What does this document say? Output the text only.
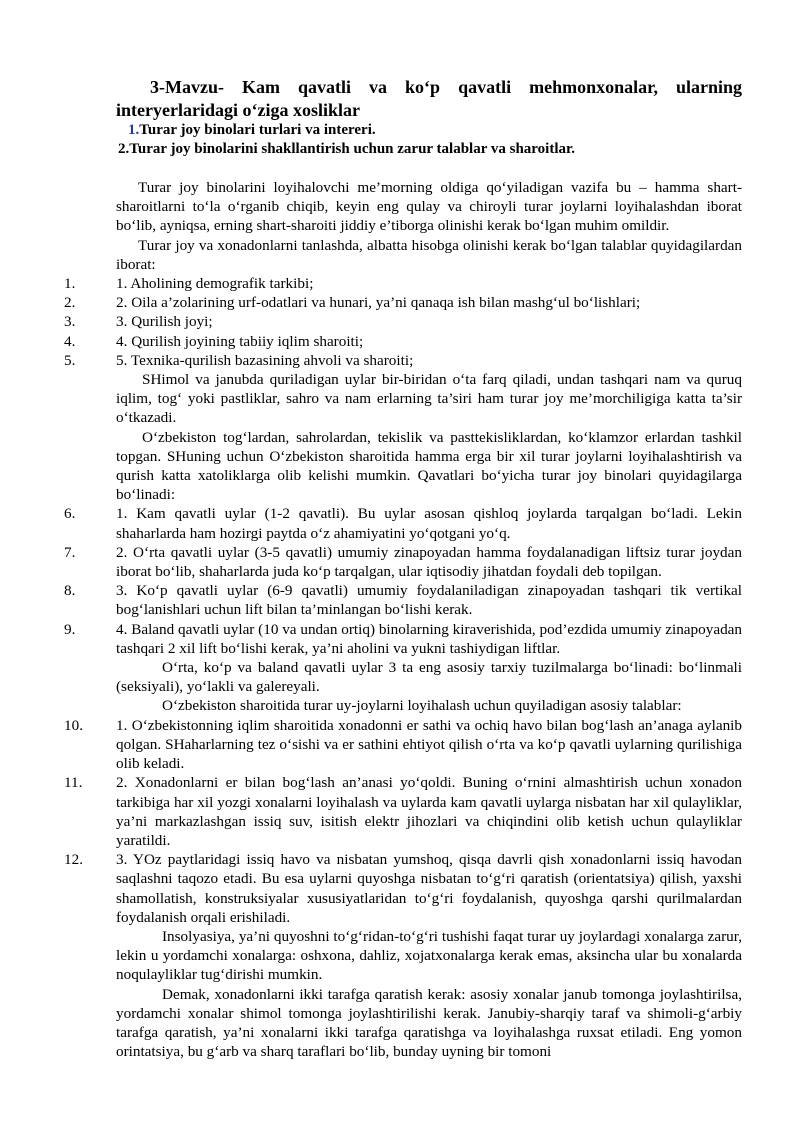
3-Mavzu- Kam qavatli va ko‘p qavatli mehmonxonalar, ularning
interyerlaridagi o‘ziga xosliklar
1.Turar joy binolari turlari va intereri.
2.Turar joy binolarini shakllantirish uchun zarur talablar va sharoitlar.

Turar joy binolarini loyihalovchi me’morning oldiga qo‘yiladigan vazifa bu – hamma shart-sharoitlarni to‘la o‘rganib chiqib, keyin eng qulay va chiroyli turar joylarni loyihalashdan iborat bo‘lib, ayniqsa, erning shart-sharoiti jiddiy e’tiborga olinishi kerak bo‘lgan muhim omildir.

Turar joy va xonadonlarni tanlashda, albatta hisobga olinishi kerak bo‘lgan talablar quyidagilardan iborat:

1.	1. Aholining demografik tarkibi;

2.	2. Oila a’zolarining urf-odatlari va hunari, ya’ni qanaqa ish bilan mashg‘ul bo‘lishlari;

3.	3. Qurilish joyi;

4.	4. Qurilish joyining tabiiy iqlim sharoiti;

5.	5. Texnika-qurilish bazasining ahvoli va sharoiti;

SHimol va janubda quriladigan uylar bir-biridan o‘ta farq qiladi, undan tashqari nam va quruq iqlim, tog‘ yoki pastliklar, sahro va nam erlarning ta’siri ham turar joy me’morchiligiga katta ta’sir o‘tkazadi.

O‘zbekiston tog‘lardan, sahrolardan, tekislik va pasttekisliklardan, ko‘klamzor erlardan tashkil topgan. SHuning uchun O‘zbekiston sharoitida hamma erga bir xil turar joylarni loyihalashtirish va qurish katta xatoliklarga olib kelishi mumkin. Qavatlari bo‘yicha turar joy binolari quyidagilarga bo‘linadi:

6.	1. Kam qavatli uylar (1-2 qavatli). Bu uylar asosan qishloq joylarda tarqalgan bo‘ladi. Lekin shaharlarda ham hozirgi paytda o‘z ahamiyatini yo‘qotgani yo‘q.

7.	2. O‘rta qavatli uylar (3-5 qavatli) umumiy zinapoyadan hamma foydalanadigan liftsiz turar joydan iborat bo‘lib, shaharlarda juda ko‘p tarqalgan, ular iqtisodiy jihatdan foydali deb topilgan.

8.	3. Ko‘p qavatli uylar (6-9 qavatli) umumiy foydalaniladigan zinapoyadan tashqari tik vertikal bog‘lanishlari uchun lift bilan ta’minlangan bo‘lishi kerak.

9.	4. Baland qavatli uylar (10 va undan ortiq) binolarning kiraverishida, pod’ezdida umumiy zinapoyadan tashqari 2 xil lift bo‘lishi kerak, ya’ni aholini va yukni tashiydigan liftlar.

O‘rta, ko‘p va baland qavatli uylar 3 ta eng asosiy tarxiy tuzilmalarga bo‘linadi: bo‘linmali (seksiyali), yo‘lakli va galereyali.

O‘zbekiston sharoitida turar uy-joylarni loyihalash uchun quyiladigan asosiy talablar:

10.	1. O‘zbekistonning iqlim sharoitida xonadonni er sathi va ochiq havo bilan bog‘lash an’anaga aylanib qolgan. SHaharlarning tez o‘sishi va er sathini ehtiyot qilish o‘rta va ko‘p qavatli uylarning qurilishiga olib keladi.

11.	2. Xonadonlarni er bilan bog‘lash an’anasi yo‘qoldi. Buning o‘rnini almashtirish uchun xonadon tarkibiga har xil yozgi xonalarni loyihalash va uylarda kam qavatli uylarga nisbatan har xil qulayliklar, ya’ni markazlashgan issiq suv, isitish elektr jihozlari va chiqindini olib ketish uchun qulayliklar yaratildi.

12.	3. YOz paytlaridagi issiq havo va nisbatan yumshoq, qisqa davrli qish xonadonlarni issiq havodan saqlashni taqozo etadi. Bu esa uylarni quyoshga nisbatan to‘g‘ri qaratish (orientatsiya) qilish, yaxshi shamollatish, konstruksiyalar xususiyatlaridan to‘g‘ri foydalanish, quyoshga qarshi qurilmalardan foydalanish orqali erishiladi.

Insolyasiya, ya’ni quyoshni to‘g‘ridan-to‘g‘ri tushishi faqat turar uy joylardagi xonalarga zarur, lekin u yordamchi xonalarga: oshxona, dahliz, xojatxonalarga kerak emas, aksincha ular bu xonalarda noqulayliklar tug‘dirishi mumkin.

Demak, xonadonlarni ikki tarafga qaratish kerak: asosiy xonalar janub tomonga joylashtirilsa, yordamchi xonalar shimol tomonga joylashtirilishi kerak. Janubiy-sharqiy taraf va shimoli-g‘arbiy tarafga qaratish, ya’ni xonalarni ikki tarafga qaratishga va loyihalashga ruxsat etiladi. Eng yomon orintatsiya, bu g‘arb va sharq taraflari bo‘lib, bunday uyning bir tomoni
